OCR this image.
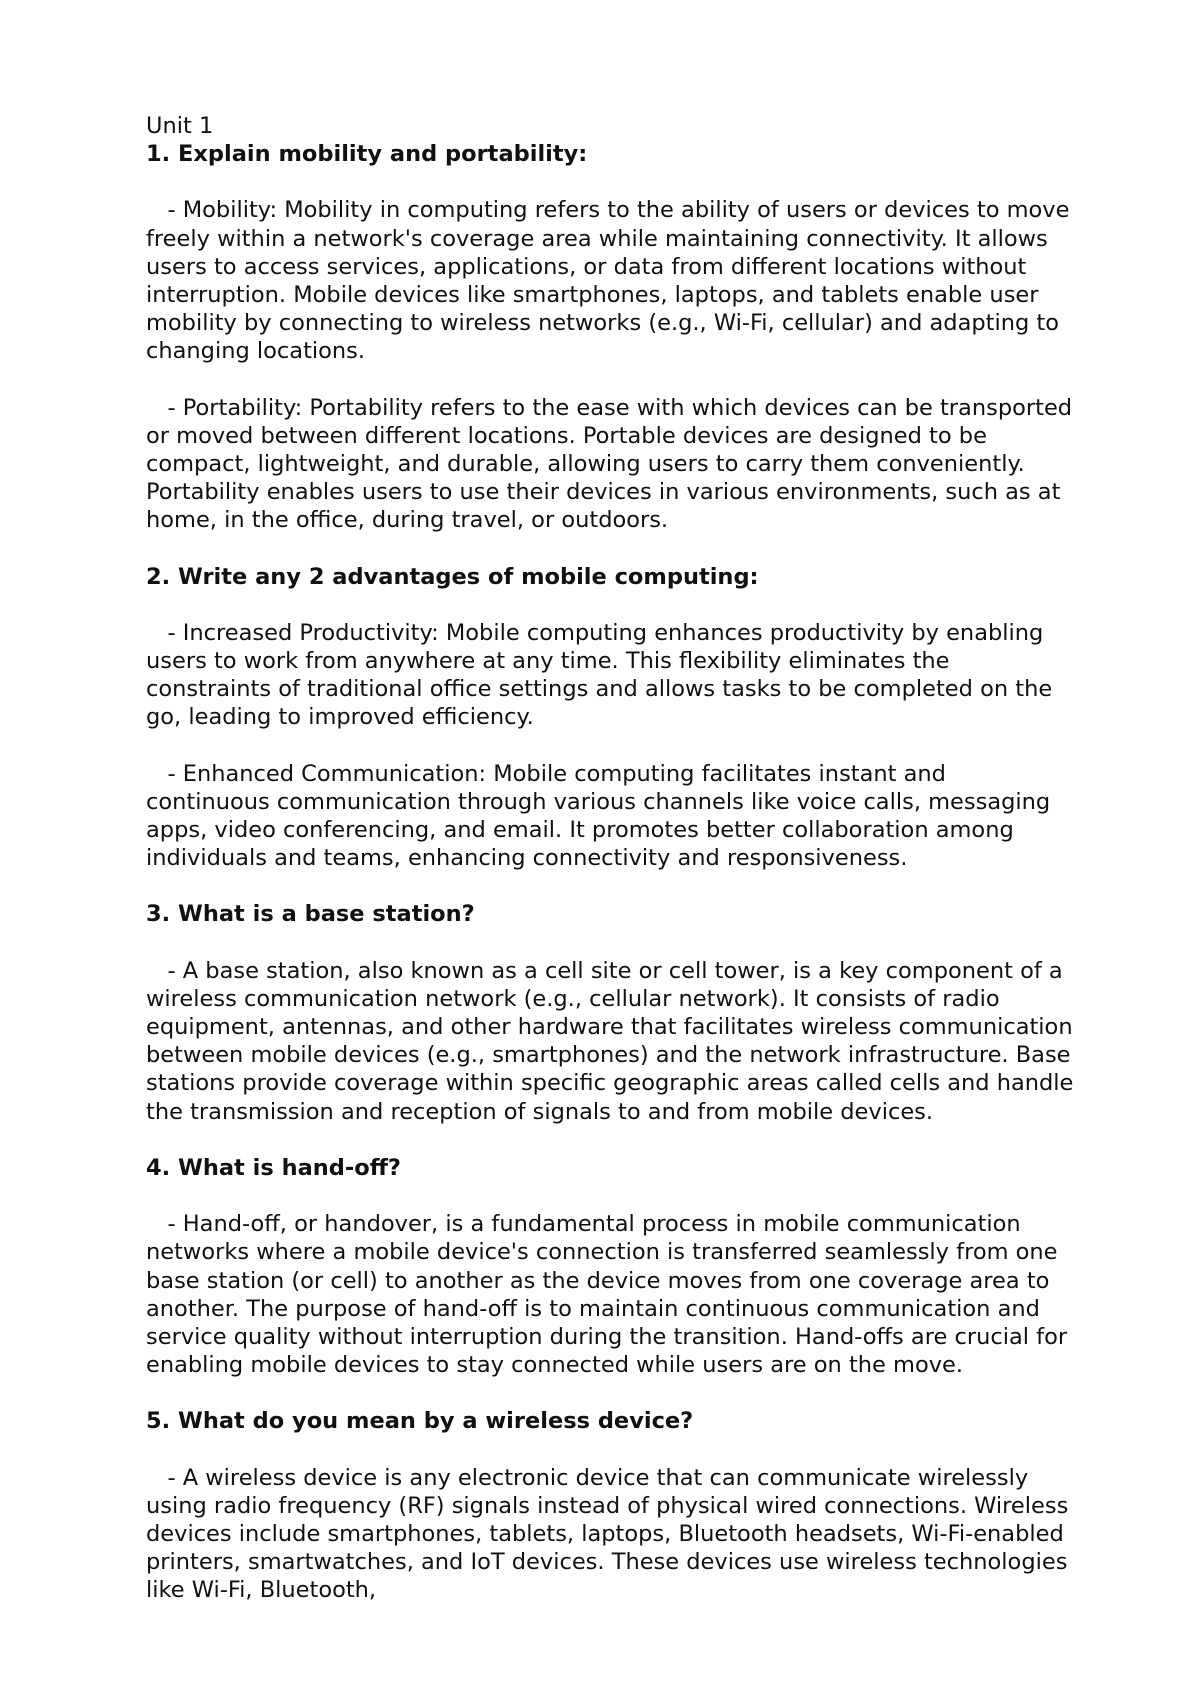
Unit 1

1. Explain mobility and portability:

- Mobility: Mobility in computing refers to the ability of users or devices to move freely within a network's coverage area while maintaining connectivity. It allows users to access services, applications, or data from different locations without interruption. Mobile devices like smartphones, laptops, and tablets enable user mobility by connecting to wireless networks (e.g., Wi-Fi, cellular) and adapting to changing locations.

- Portability: Portability refers to the ease with which devices can be transported or moved between different locations. Portable devices are designed to be compact, lightweight, and durable, allowing users to carry them conveniently. Portability enables users to use their devices in various environments, such as at home, in the office, during travel, or outdoors.

2. Write any 2 advantages of mobile computing:

- Increased Productivity: Mobile computing enhances productivity by enabling users to work from anywhere at any time. This flexibility eliminates the constraints of traditional office settings and allows tasks to be completed on the go, leading to improved efficiency.

- Enhanced Communication: Mobile computing facilitates instant and continuous communication through various channels like voice calls, messaging apps, video conferencing, and email. It promotes better collaboration among individuals and teams, enhancing connectivity and responsiveness.

3. What is a base station?

- A base station, also known as a cell site or cell tower, is a key component of a wireless communication network (e.g., cellular network). It consists of radio equipment, antennas, and other hardware that facilitates wireless communication between mobile devices (e.g., smartphones) and the network infrastructure. Base stations provide coverage within specific geographic areas called cells and handle the transmission and reception of signals to and from mobile devices.

4. What is hand-off?

- Hand-off, or handover, is a fundamental process in mobile communication networks where a mobile device's connection is transferred seamlessly from one base station (or cell) to another as the device moves from one coverage area to another. The purpose of hand-off is to maintain continuous communication and service quality without interruption during the transition. Hand-offs are crucial for enabling mobile devices to stay connected while users are on the move.

5. What do you mean by a wireless device?

- A wireless device is any electronic device that can communicate wirelessly using radio frequency (RF) signals instead of physical wired connections. Wireless devices include smartphones, tablets, laptops, Bluetooth headsets, Wi-Fi-enabled printers, smartwatches, and IoT devices. These devices use wireless technologies like Wi-Fi, Bluetooth,
